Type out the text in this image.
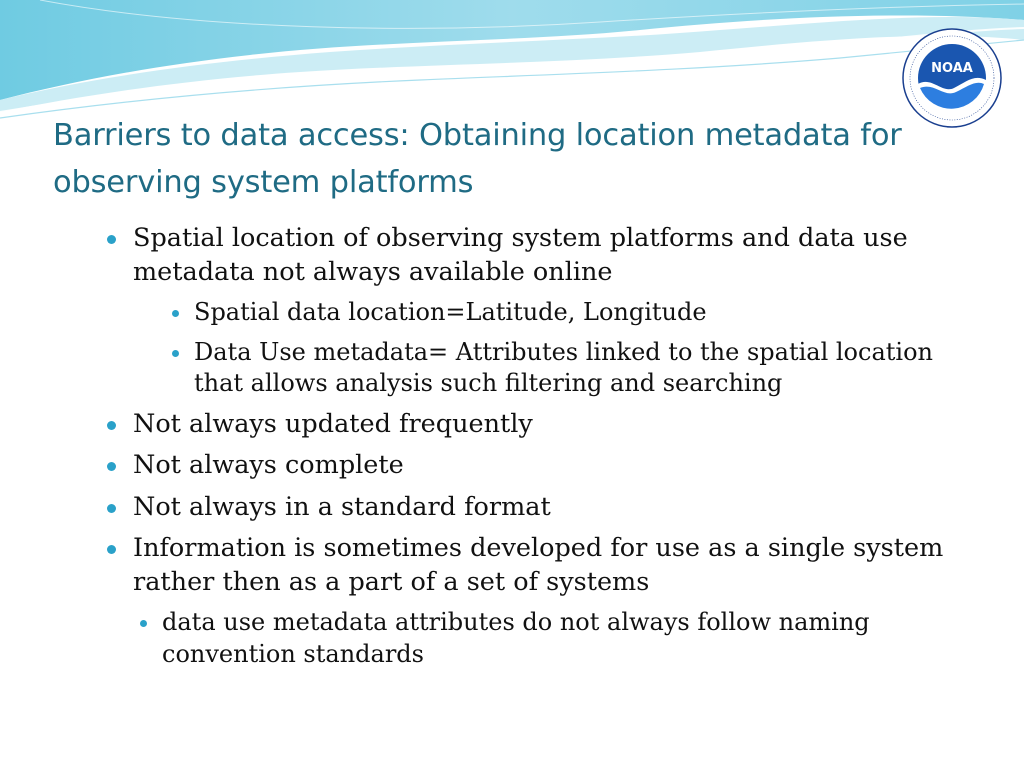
NOAA
Barriers to data access: Obtaining location metadata for observing system platforms
Spatial location of observing system platforms and data use metadata not always available online
Spatial data location=Latitude, Longitude
Data Use metadata= Attributes linked to the spatial location that allows analysis such filtering and searching
Not always updated frequently
Not always complete
Not always in a standard format
Information is sometimes developed for use as a single system rather then as a part of a set of systems
data use metadata attributes do not always follow naming convention standards
